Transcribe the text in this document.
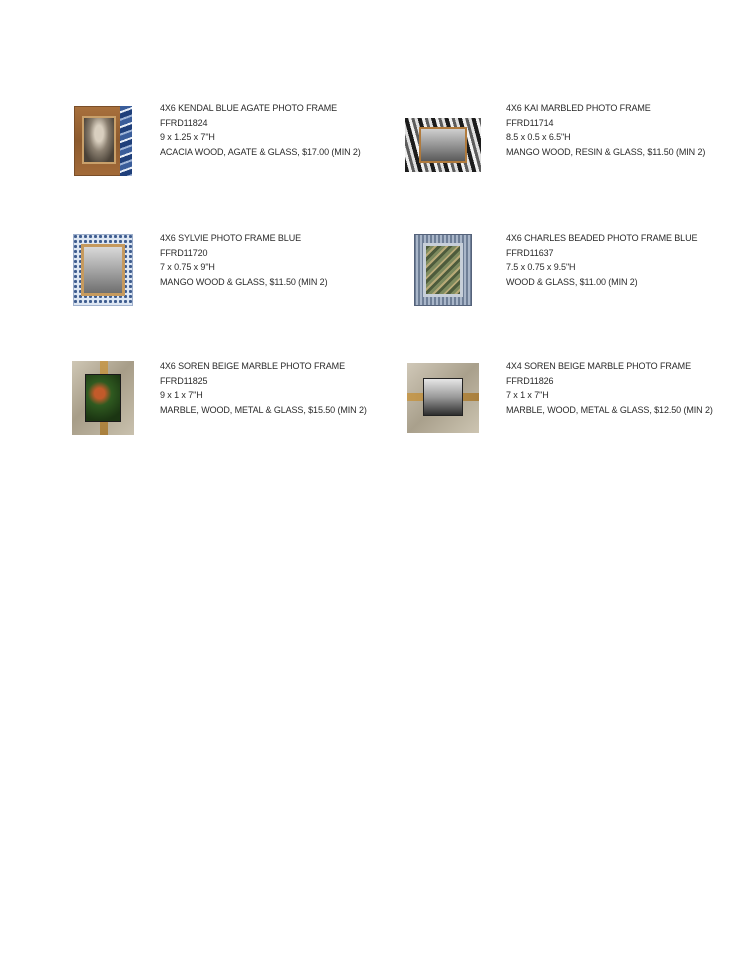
4X6 KENDAL BLUE AGATE PHOTO FRAME
FFRD11824
9 x 1.25 x 7"H
ACACIA WOOD, AGATE & GLASS, $17.00 (MIN 2)
4X6 KAI MARBLED PHOTO FRAME
FFRD11714
8.5 x 0.5 x 6.5"H
MANGO WOOD, RESIN & GLASS, $11.50 (MIN 2)
4X6 SYLVIE PHOTO FRAME BLUE
FFRD11720
7 x 0.75 x 9"H
MANGO WOOD & GLASS, $11.50 (MIN 2)
4X6 CHARLES BEADED PHOTO FRAME BLUE
FFRD11637
7.5 x 0.75 x 9.5"H
WOOD & GLASS, $11.00 (MIN 2)
4X6 SOREN BEIGE MARBLE PHOTO FRAME
FFRD11825
9 x 1 x 7"H
MARBLE, WOOD, METAL & GLASS, $15.50 (MIN 2)
4X4 SOREN BEIGE MARBLE PHOTO FRAME
FFRD11826
7 x 1 x 7"H
MARBLE, WOOD, METAL & GLASS, $12.50 (MIN 2)
